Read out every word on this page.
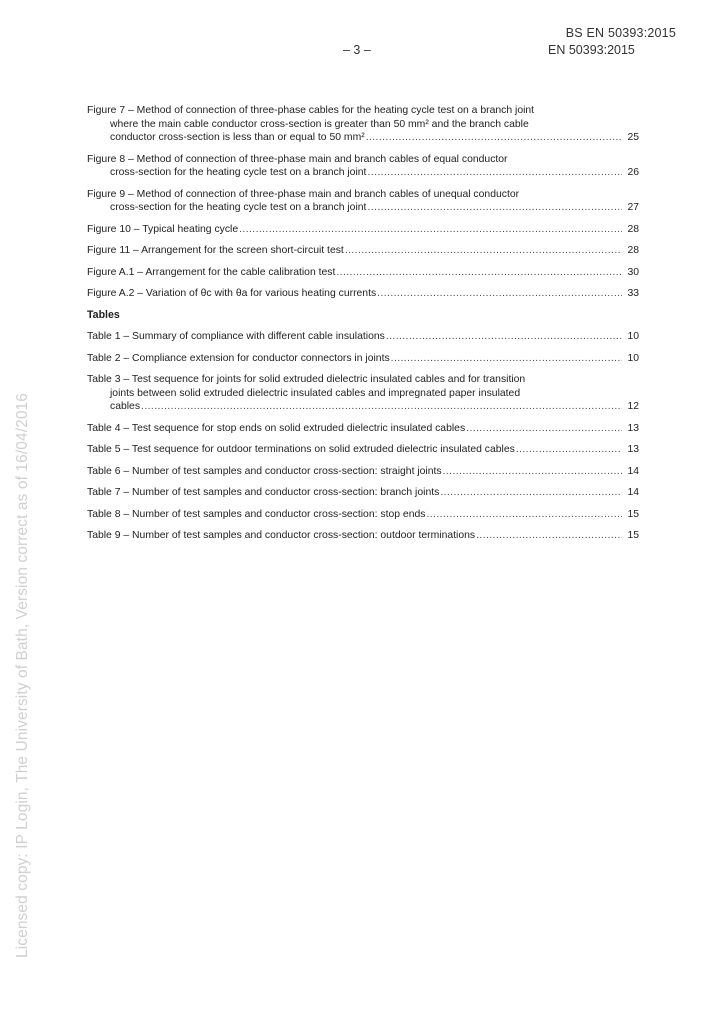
BS EN 50393:2015
– 3 –	EN 50393:2015
Licensed copy: IP Login, The University of Bath, Version correct as of 16/04/2016
Figure 7 – Method of connection of three-phase cables for the heating cycle test on a branch joint
where the main cable conductor cross-section is greater than 50 mm² and the branch cable
conductor cross-section is less than or equal to 50 mm² .....	25
Figure 8 – Method of connection of three-phase main and branch cables of equal conductor
cross-section for the heating cycle test on a branch joint .....	26
Figure 9 – Method of connection of three-phase main and branch cables of unequal conductor
cross-section for the heating cycle test on a branch joint .....	27
Figure 10 – Typical heating cycle .....	28
Figure 11 – Arrangement for the screen short-circuit test .....	28
Figure A.1 – Arrangement for the cable calibration test .....	30
Figure A.2 – Variation of θc with θa for various heating currents .....	33
Tables
Table 1 – Summary of compliance with different cable insulations .....	10
Table 2 – Compliance extension for conductor connectors in joints .....	10
Table 3 – Test sequence for joints for solid extruded dielectric insulated cables and for transition
joints between solid extruded dielectric insulated cables and impregnated paper insulated
cables .....	12
Table 4 – Test sequence for stop ends on solid extruded dielectric insulated cables .....	13
Table 5 – Test sequence for outdoor terminations on solid extruded dielectric insulated cables .....	13
Table 6 – Number of test samples and conductor cross-section: straight joints .....	14
Table 7 – Number of test samples and conductor cross-section: branch joints .....	14
Table 8 – Number of test samples and conductor cross-section: stop ends .....	15
Table 9 – Number of test samples and conductor cross-section: outdoor terminations .....	15
